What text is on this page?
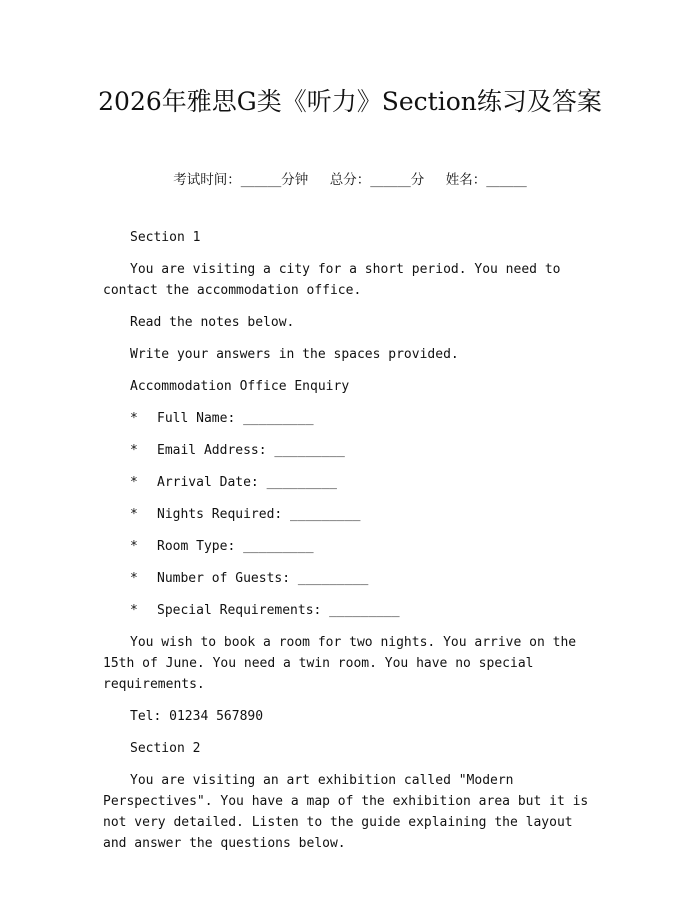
2026年雅思G类《听力》Section练习及答案
考试时间：______分钟     总分：______分     姓名：______

Section 1

You are visiting a city for a short period. You need to contact the accommodation office.

Read the notes below.

Write your answers in the spaces provided.

Accommodation Office Enquiry

* Full Name: _________

* Email Address: _________

* Arrival Date: _________

* Nights Required: _________

* Room Type: _________

* Number of Guests: _________

* Special Requirements: _________

You wish to book a room for two nights. You arrive on the 15th of June. You need a twin room. You have no special requirements.

Tel: 01234 567890

Section 2

You are visiting an art exhibition called "Modern Perspectives". You have a map of the exhibition area but it is not very detailed. Listen to the guide explaining the layout and answer the questions below.
